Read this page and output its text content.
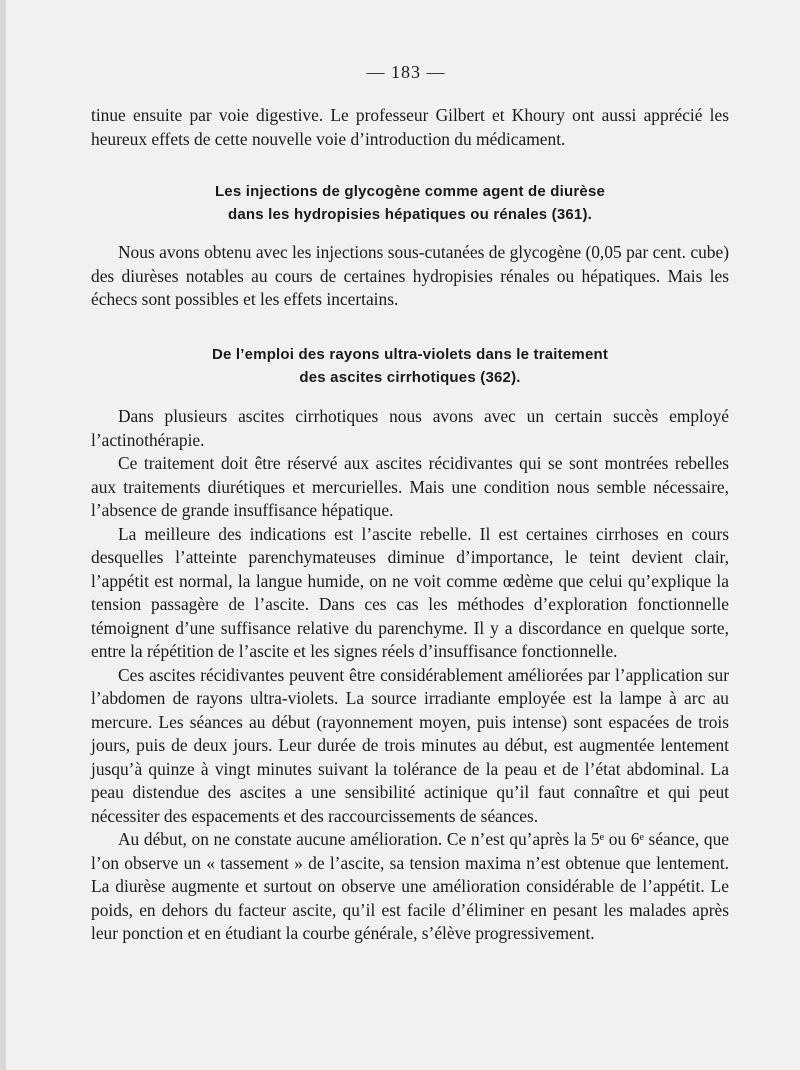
— 183 —

tinue ensuite par voie digestive. Le professeur Gilbert et Khoury ont aussi apprécié les heureux effets de cette nouvelle voie d’introduction du médicament.

Les injections de glycogène comme agent de diurèse
dans les hydropisies hépatiques ou rénales (361).

Nous avons obtenu avec les injections sous-cutanées de glycogène (0,05 par cent. cube) des diurèses notables au cours de certaines hydropisies rénales ou hépatiques. Mais les échecs sont possibles et les effets incertains.

De l’emploi des rayons ultra-violets dans le traitement
des ascites cirrhotiques (362).

Dans plusieurs ascites cirrhotiques nous avons avec un certain succès employé l’actinothérapie.

Ce traitement doit être réservé aux ascites récidivantes qui se sont montrées rebelles aux traitements diurétiques et mercurielles. Mais une condition nous semble nécessaire, l’absence de grande insuffisance hépatique.

La meilleure des indications est l’ascite rebelle. Il est certaines cirrhoses en cours desquelles l’atteinte parenchymateuses diminue d’importance, le teint devient clair, l’appétit est normal, la langue humide, on ne voit comme œdème que celui qu’explique la tension passagère de l’ascite. Dans ces cas les méthodes d’exploration fonctionnelle témoignent d’une suffisance relative du parenchyme. Il y a discordance en quelque sorte, entre la répétition de l’ascite et les signes réels d’insuffisance fonctionnelle.

Ces ascites récidivantes peuvent être considérablement améliorées par l’application sur l’abdomen de rayons ultra-violets. La source irradiante employée est la lampe à arc au mercure. Les séances au début (rayonnement moyen, puis intense) sont espacées de trois jours, puis de deux jours. Leur durée de trois minutes au début, est augmentée lentement jusqu’à quinze à vingt minutes suivant la tolérance de la peau et de l’état abdominal. La peau distendue des ascites a une sensibilité actinique qu’il faut connaître et qui peut nécessiter des espacements et des raccourcissements de séances.

Au début, on ne constate aucune amélioration. Ce n’est qu’après la 5ᵉ ou 6ᵉ séance, que l’on observe un « tassement » de l’ascite, sa tension maxima n’est obtenue que lentement. La diurèse augmente et surtout on observe une amélioration considérable de l’appétit. Le poids, en dehors du facteur ascite, qu’il est facile d’éliminer en pesant les malades après leur ponction et en étudiant la courbe générale, s’élève progressivement.
